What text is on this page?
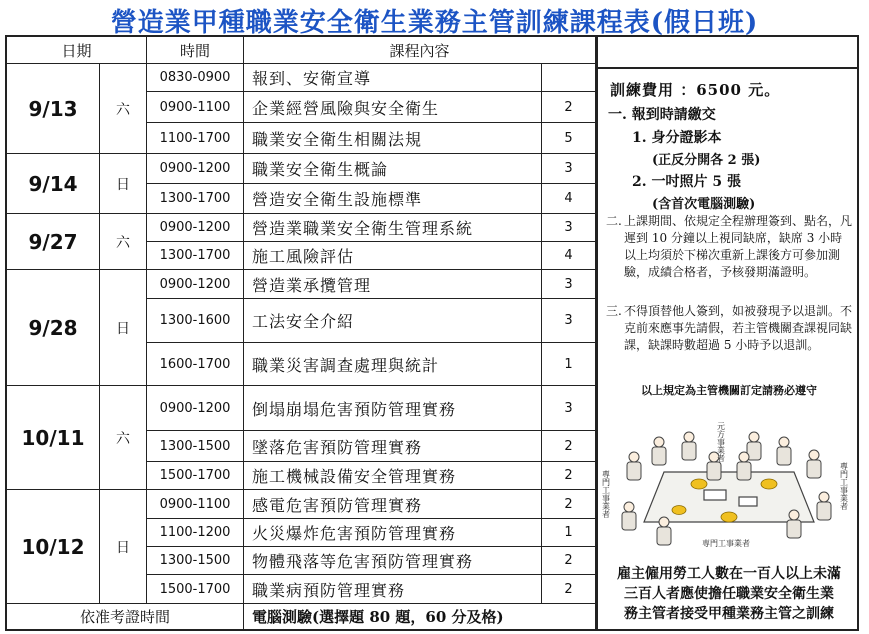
營造業甲種職業安全衛生業務主管訓練課程表(假日班)
日期		時間	課程內容	
9/13	六	0830-0900	報到、安衛宣導	
		0900-1100	企業經營風險與安全衛生	2
		1100-1700	職業安全衛生相關法規	5
9/14	日	0900-1200	職業安全衛生概論	3
		1300-1700	營造安全衛生設施標準	4
9/27	六	0900-1200	營造業職業安全衛生管理系統	3
		1300-1700	施工風險評估	4
9/28	日	0900-1200	營造業承攬管理	3
		1300-1600	工法安全介紹	3
		1600-1700	職業災害調查處理與統計	1
10/11	六	0900-1200	倒塌崩塌危害預防管理實務	3
		1300-1500	墜落危害預防管理實務	2
		1500-1700	施工機械設備安全管理實務	2
10/12	日	0900-1100	感電危害預防管理實務	2
		1100-1200	火災爆炸危害預防管理實務	1
		1300-1500	物體飛落等危害預防管理實務	2
		1500-1700	職業病預防管理實務	2
依准考證時間			電腦測驗(選擇題 80 題，60 分及格)	
訓練費用 ：6500 元。
一. 報到時請繳交
1. 身分證影本
(正反分開各 2 張)
2. 一吋照片 5 張
(含首次電腦測驗)
二. 上課期間、依規定全程辦理簽到、點名，凡遲到 10 分鐘以上視同缺席，缺席 3 小時以上均須於下梯次重新上課後方可參加測驗，成績合格者，予核發期滿證明。
三. 不得頂替他人簽到，如被發現予以退訓。不克前來應事先請假，若主管機關查課視同缺課，缺課時數超過 5 小時予以退訓。
以上規定為主管機關訂定請務必遵守
專門工事業者	專門工事業者
元方事業者
専門工事業者
雇主僱用勞工人數在一百人以上未滿
三百人者應使擔任職業安全衛生業
務主管者接受甲種業務主管之訓練
